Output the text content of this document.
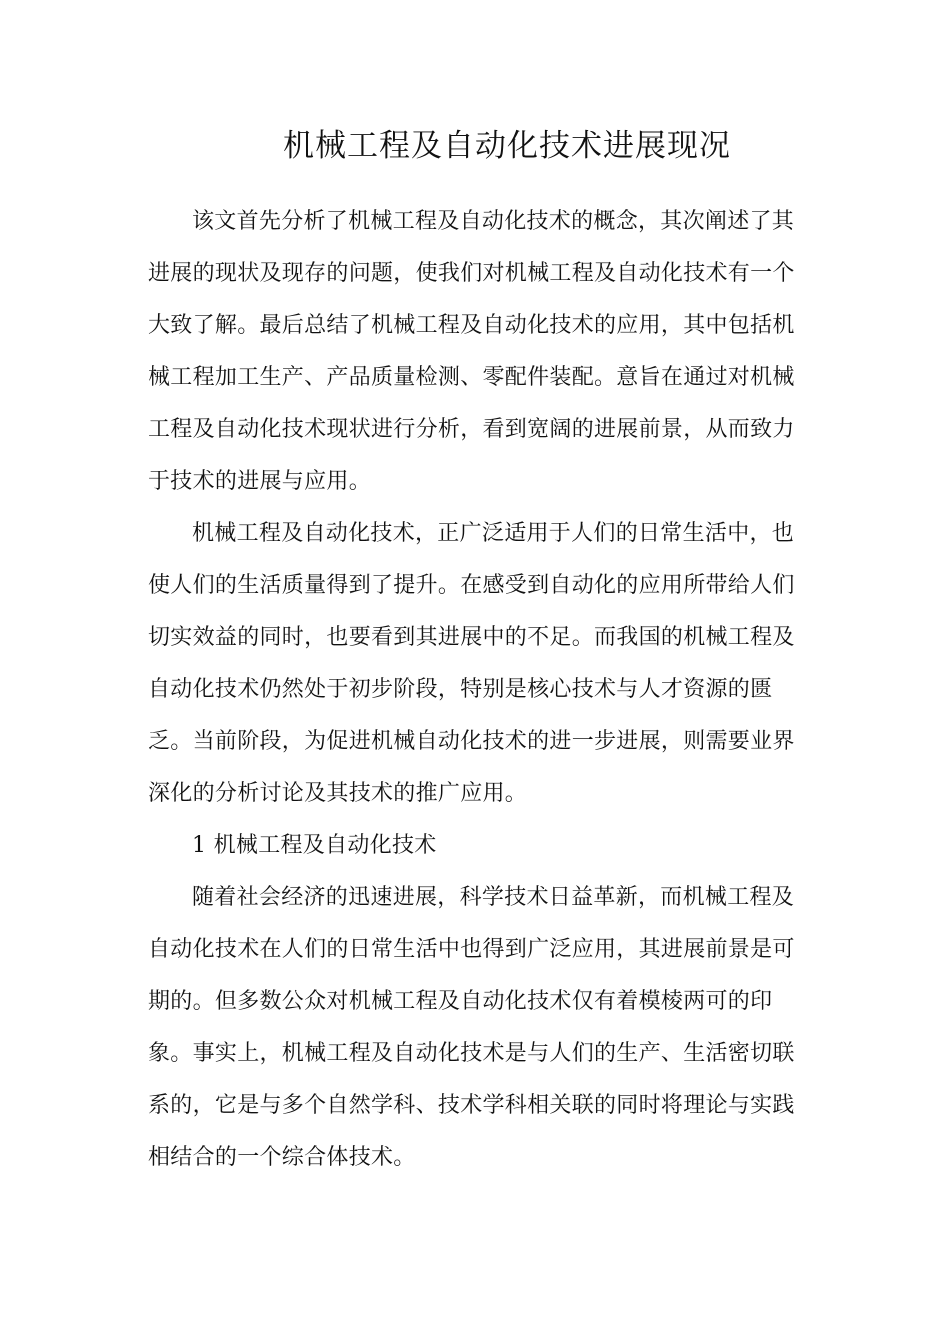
机械工程及自动化技术进展现况
该文首先分析了机械工程及自动化技术的概念，其次阐述了其
进展的现状及现存的问题，使我们对机械工程及自动化技术有一个
大致了解。最后总结了机械工程及自动化技术的应用，其中包括机
械工程加工生产、产品质量检测、零配件装配。意旨在通过对机械
工程及自动化技术现状进行分析，看到宽阔的进展前景，从而致力
于技术的进展与应用。
机械工程及自动化技术，正广泛适用于人们的日常生活中，也
使人们的生活质量得到了提升。在感受到自动化的应用所带给人们
切实效益的同时，也要看到其进展中的不足。而我国的机械工程及
自动化技术仍然处于初步阶段，特别是核心技术与人才资源的匮
乏。当前阶段，为促进机械自动化技术的进一步进展，则需要业界
深化的分析讨论及其技术的推广应用。
1 机械工程及自动化技术
随着社会经济的迅速进展，科学技术日益革新，而机械工程及
自动化技术在人们的日常生活中也得到广泛应用，其进展前景是可
期的。但多数公众对机械工程及自动化技术仅有着模棱两可的印
象。事实上，机械工程及自动化技术是与人们的生产、生活密切联
系的，它是与多个自然学科、技术学科相关联的同时将理论与实践
相结合的一个综合体技术。
